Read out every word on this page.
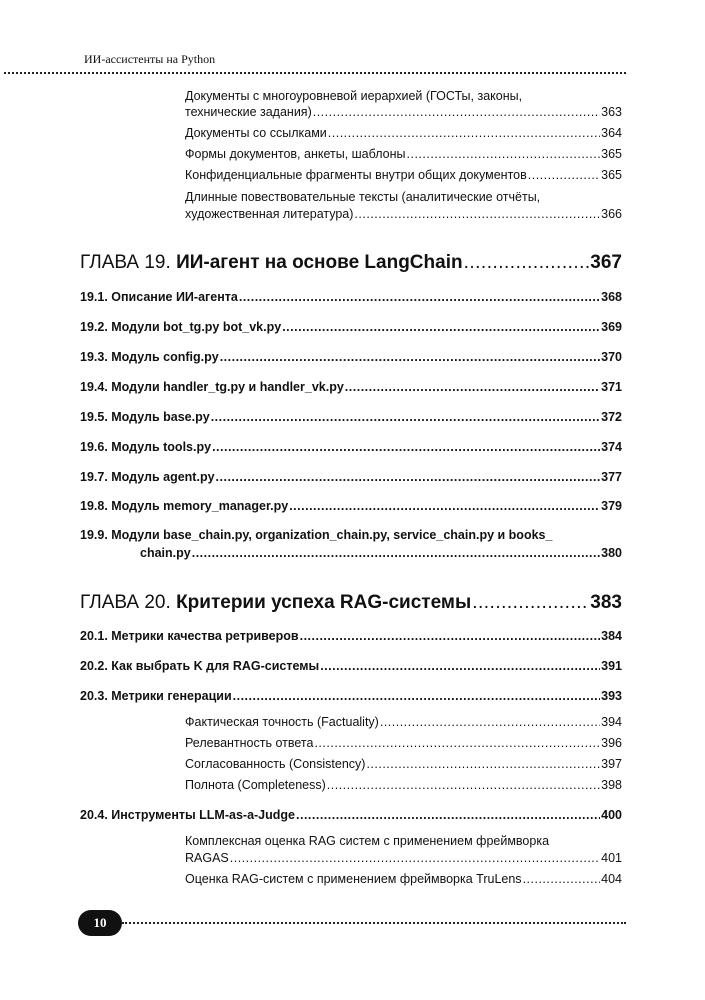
ИИ-ассистенты на Python
Документы с многоуровневой иерархией (ГОСТы, законы,
технические задания) .....	363
Документы со ссылками .....	364
Формы документов, анкеты, шаблоны .....	365
Конфиденциальные фрагменты внутри общих документов .....	365
Длинные повествовательные тексты (аналитические отчёты,
художественная литература) .....	366
ГЛАВА 19. ИИ-агент на основе LangChain .....	367
19.1. Описание ИИ-агента .....	368
19.2. Модули bot_tg.py bot_vk.py .....	369
19.3. Модуль config.py .....	370
19.4. Модули handler_tg.py и handler_vk.py .....	371
19.5. Модуль base.py .....	372
19.6. Модуль tools.py .....	374
19.7. Модуль agent.py .....	377
19.8. Модуль memory_manager.py .....	379
19.9. Модули base_chain.py, organization_chain.py, service_chain.py и books_
chain.py .....	380
ГЛАВА 20. Критерии успеха RAG-системы .....	383
20.1. Метрики качества ретриверов .....	384
20.2. Как выбрать K для RAG-системы .....	391
20.3. Метрики генерации .....	393
Фактическая точность (Factuality) .....	394
Релевантность ответа .....	396
Согласованность (Consistency) .....	397
Полнота (Completeness) .....	398
20.4. Инструменты LLM-as-a-Judge .....	400
Комплексная оценка RAG систем с применением фреймворка
RAGAS .....	401
Оценка RAG-систем с применением фреймворка TruLens .....	404
10
